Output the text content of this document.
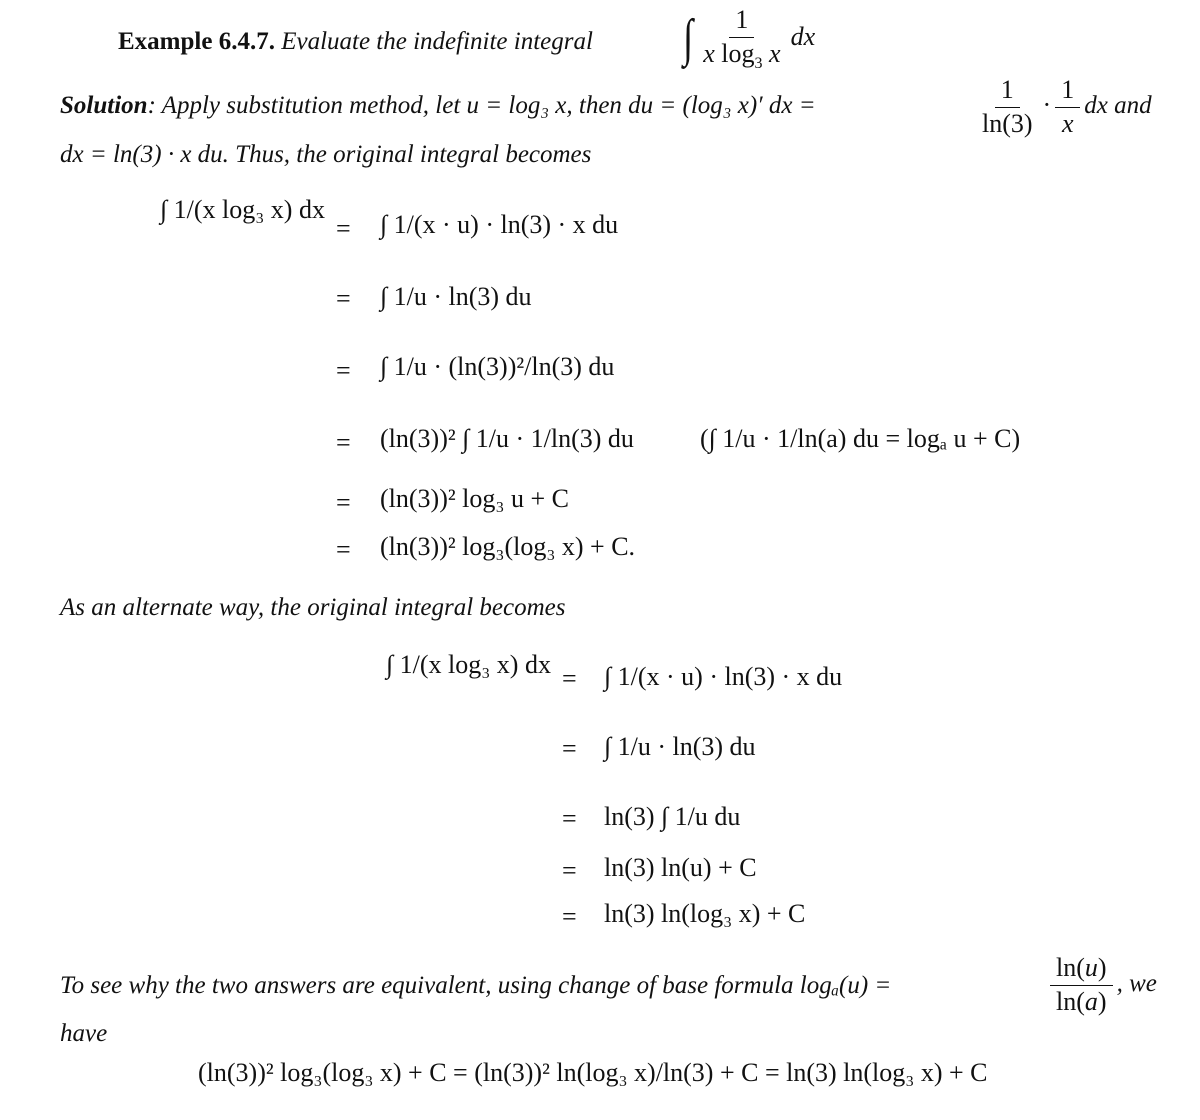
Example 6.4.7. Evaluate the indefinite integral ∫ $\frac{1}{x \log_3 x}$ dx
Solution: Apply substitution method, let u = log₃ x, then du = (log₃ x)′ dx =	$\frac{1}{\ln(3)} \cdot \frac{1}{x}$ dx and
dx = ln(3) · x du. Thus, the original integral becomes
∫ 1/(x log₃ x) dx
=
=
=
=
=
=
∫ 1/(x · u) · ln(3) · x du
∫ 1/u · ln(3) du
∫ 1/u · (ln(3))²/ln(3) du
(ln(3))² ∫ 1/u · 1/ln(3) du
(ln(3))² log₃ u + C
(ln(3))² log₃(log₃ x) + C.
(∫ 1/u · 1/ln(a) du = logₐ u + C)
As an alternate way, the original integral becomes
∫ 1/(x log₃ x) dx =
=
=
=
=
∫ 1/(x · u) · ln(3) · x du
∫ 1/u · ln(3) du
ln(3) ∫ 1/u du
ln(3) ln(u) + C
ln(3) ln(log₃ x) + C
To see why the two answers are equivalent, using change of base formula logₐ(u) =	$\frac{\ln(u)}{\ln(a)}$ , we
have
(ln(3))² log₃(log₃ x) + C = (ln(3))² ln(log₃ x)/ln(3) + C = ln(3) ln(log₃ x) + C
